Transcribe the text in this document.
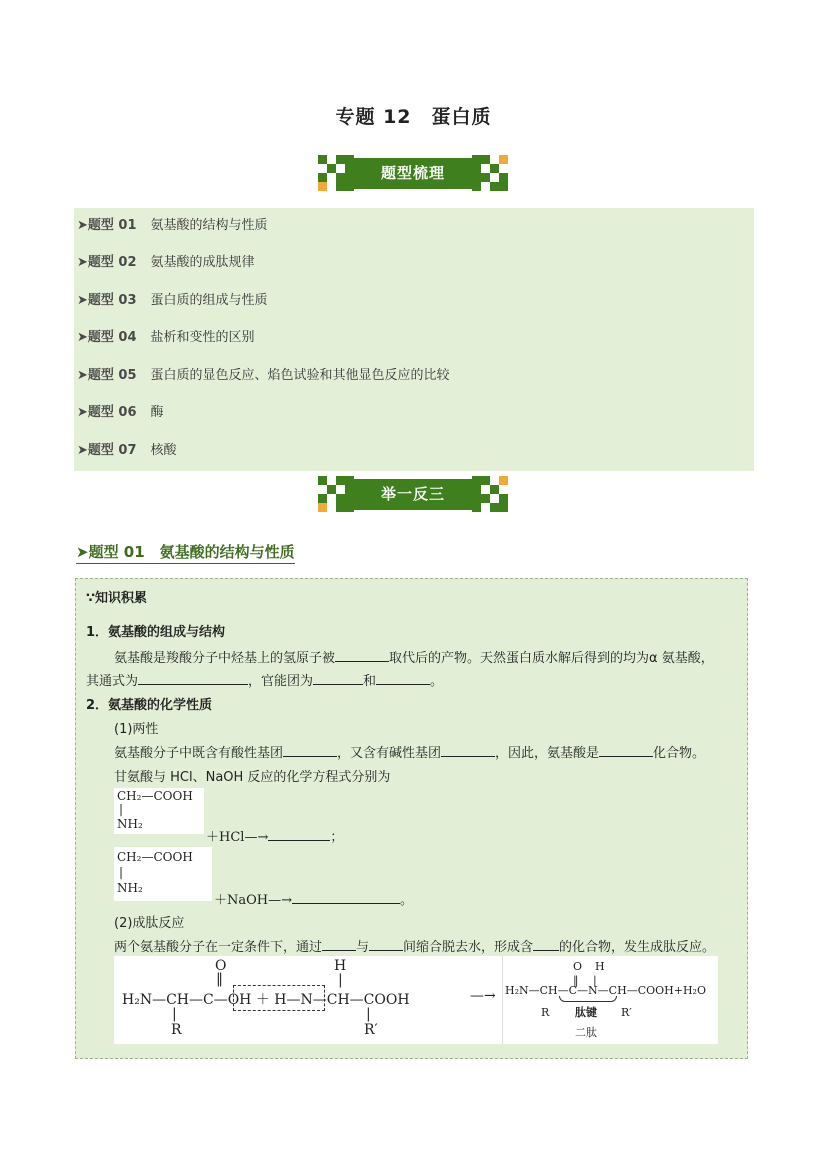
专题 12　蛋白质
题型梳理
➤题型 01 氨基酸的结构与性质
➤题型 02 氨基酸的成肽规律
➤题型 03 蛋白质的组成与性质
➤题型 04 盐析和变性的区别
➤题型 05 蛋白质的显色反应、焰色试验和其他显色反应的比较
➤题型 06 酶
➤题型 07 核酸
举一反三
➤题型 01　氨基酸的结构与性质
∵知识积累
1．氨基酸的组成与结构
氨基酸是羧酸分子中烃基上的氢原子被	取代后的产物。天然蛋白质水解后得到的均为α 氨基酸，
其通式为	，官能团为	和	。
2．氨基酸的化学性质
(1)两性
氨基酸分子中既含有酸性基团	，又含有碱性基团	，因此，氨基酸是	化合物。
甘氨酸与 HCl、NaOH 反应的化学方程式分别为
CH₂—COOH
|
NH₂
＋HCl—→	；
CH₂—COOH
|
NH₂
＋NaOH—→	。
(2)成肽反应
两个氨基酸分子在一定条件下，通过	与	间缩合脱去水，形成含 的化合物，发生成肽反应。
O
‖
H
|
H₂N—CH—C—OH ＋ H—N—CH—COOH
|
R
|
R′
—→
O H
‖　 |
H₂N—CH—C—N—CH—COOH+H₂O
R	R′
肽键
二肽
